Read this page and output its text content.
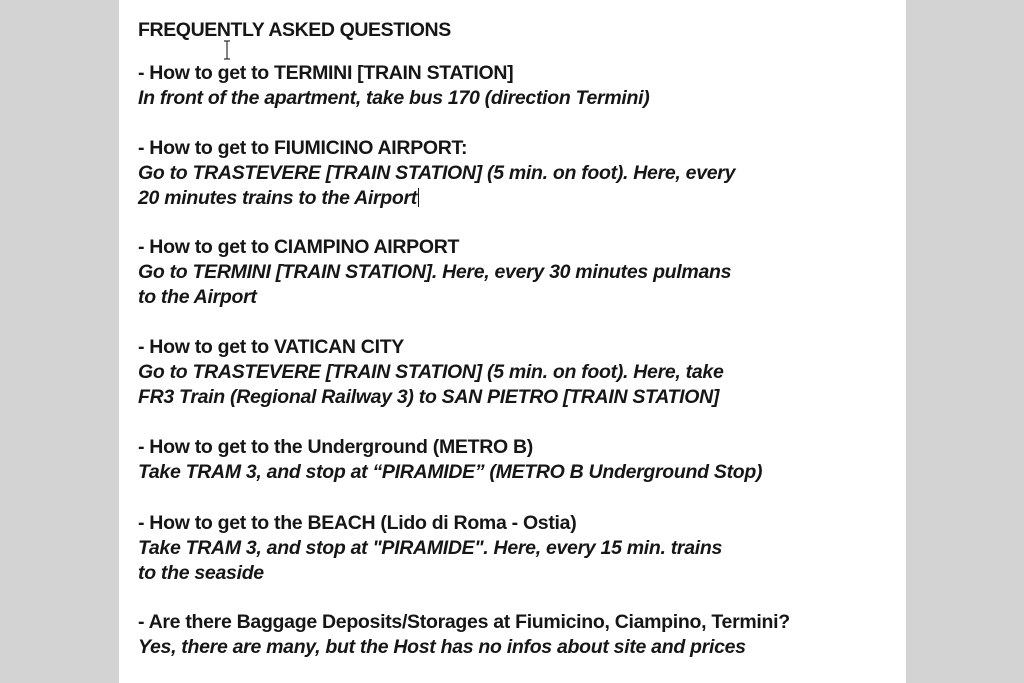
FREQUENTLY ASKED QUESTIONS
- How to get to TERMINI [TRAIN STATION]
In front of the apartment, take bus 170 (direction Termini)
- How to get to FIUMICINO AIRPORT:
Go to TRASTEVERE [TRAIN STATION] (5 min. on foot). Here, every
20 minutes trains to the Airport
- How to get to CIAMPINO AIRPORT
Go to TERMINI [TRAIN STATION]. Here, every 30 minutes pulmans
to the Airport
- How to get to VATICAN CITY
Go to TRASTEVERE [TRAIN STATION] (5 min. on foot). Here, take
FR3 Train (Regional Railway 3) to SAN PIETRO [TRAIN STATION]
- How to get to the Underground (METRO B)
Take TRAM 3, and stop at “PIRAMIDE” (METRO B Underground Stop)
- How to get to the BEACH (Lido di Roma - Ostia)
Take TRAM 3, and stop at "PIRAMIDE". Here, every 15 min. trains
to the seaside
- Are there Baggage Deposits/Storages at Fiumicino, Ciampino, Termini?
Yes, there are many, but the Host has no infos about site and prices
